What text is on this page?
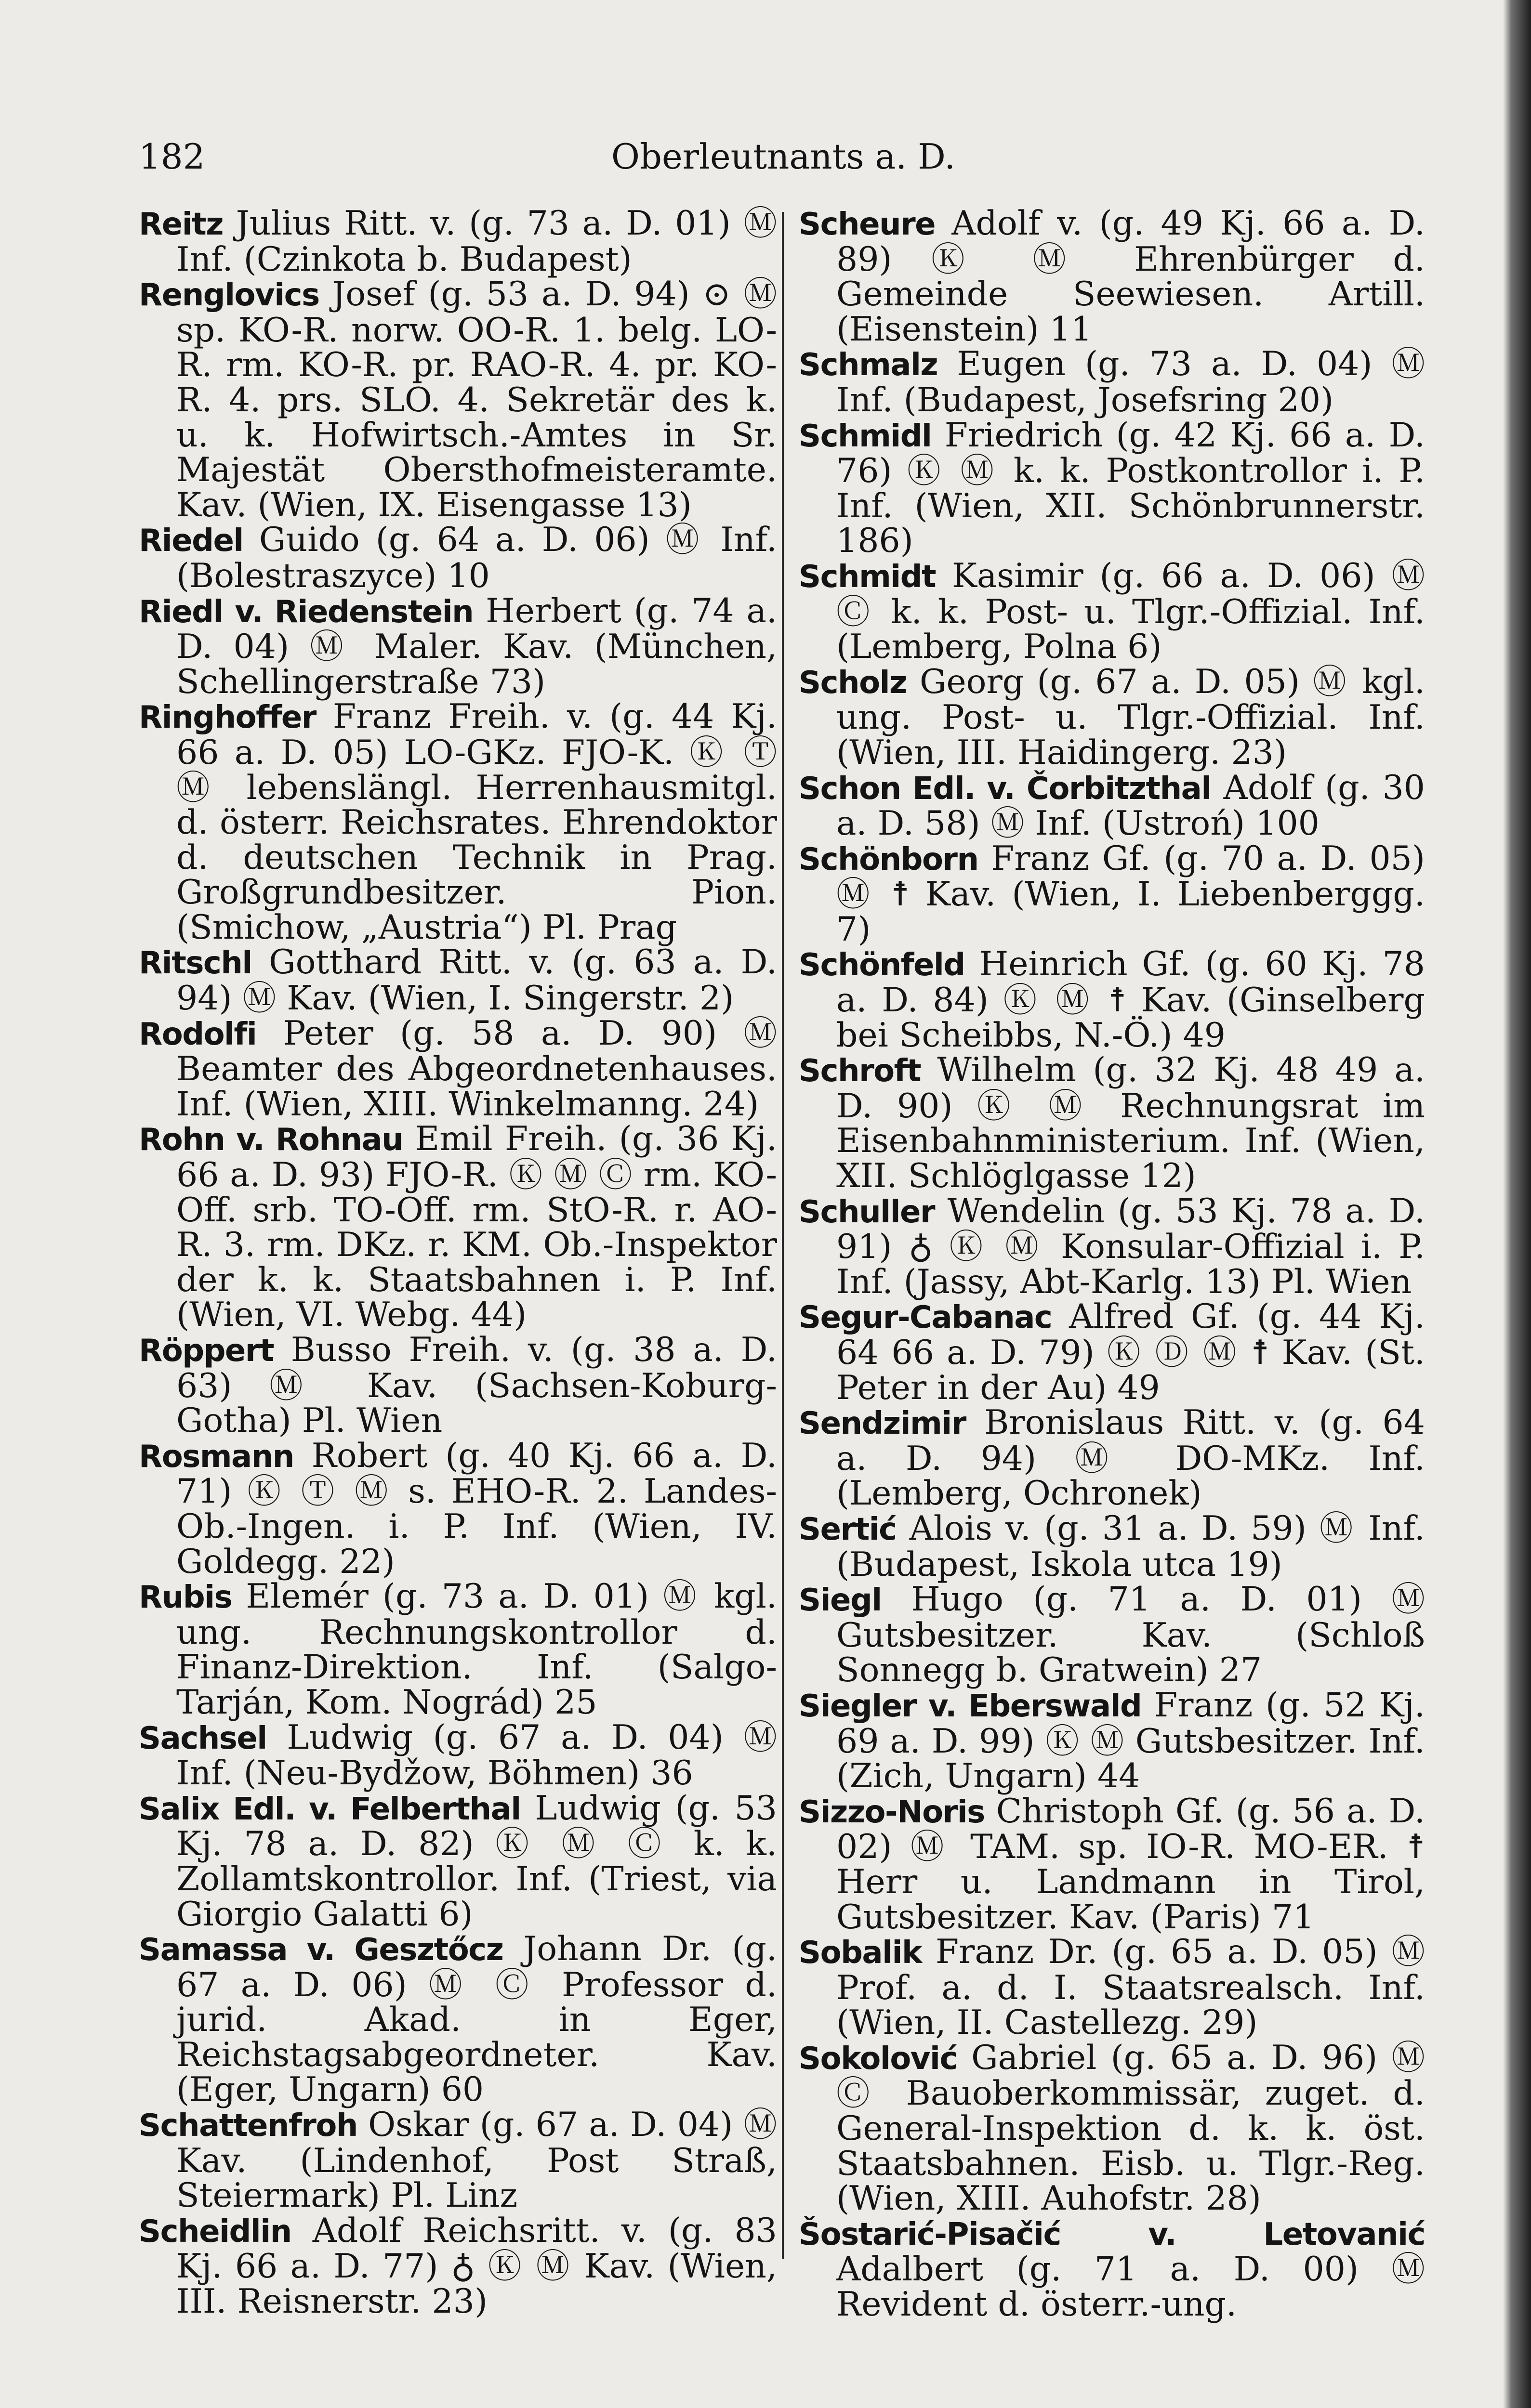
182	Oberleutnants a. D.

Reitz Julius Ritt. v. (g. 73 a. D. 01) Ⓜ Inf. (Czinkota b. Budapest)

Renglovics Josef (g. 53 a. D. 94) ⊙ Ⓜ sp. KO-R. norw. OO-R. 1. belg. LO-R. rm. KO-R. pr. RAO-R. 4. pr. KO-R. 4. prs. SLO. 4. Sekretär des k. u. k. Hofwirtsch.-Amtes in Sr. Majestät Obersthofmeisteramte. Kav. (Wien, IX. Eisengasse 13)

Riedel Guido (g. 64 a. D. 06) Ⓜ Inf. (Bolestraszyce) 10

Riedl v. Riedenstein Herbert (g. 74 a. D. 04) Ⓜ Maler. Kav. (München, Schellingerstraße 73)

Ringhoffer Franz Freih. v. (g. 44 Kj. 66 a. D. 05) LO-GKz. FJO-K. Ⓚ Ⓣ Ⓜ lebenslängl. Herrenhausmitgl. d. österr. Reichsrates. Ehrendoktor d. deutschen Technik in Prag. Großgrundbesitzer. Pion. (Smichow, „Austria“) Pl. Prag

Ritschl Gotthard Ritt. v. (g. 63 a. D. 94) Ⓜ Kav. (Wien, I. Singerstr. 2)

Rodolfi Peter (g. 58 a. D. 90) Ⓜ Beamter des Abgeordnetenhauses. Inf. (Wien, XIII. Winkelmanng. 24)

Rohn v. Rohnau Emil Freih. (g. 36 Kj. 66 a. D. 93) FJO-R. Ⓚ Ⓜ Ⓒ rm. KO-Off. srb. TO-Off. rm. StO-R. r. AO-R. 3. rm. DKz. r. KM. Ob.-Inspektor der k. k. Staatsbahnen i. P. Inf. (Wien, VI. Webg. 44)

Röppert Busso Freih. v. (g. 38 a. D. 63) Ⓜ Kav. (Sachsen-Koburg-Gotha) Pl. Wien

Rosmann Robert (g. 40 Kj. 66 a. D. 71) Ⓚ Ⓣ Ⓜ s. EHO-R. 2. Landes-Ob.-Ingen. i. P. Inf. (Wien, IV. Goldegg. 22)

Rubis Elemér (g. 73 a. D. 01) Ⓜ kgl. ung. Rechnungskontrollor d. Finanz-Direktion. Inf. (Salgo-Tarján, Kom. Nográd) 25

Sachsel Ludwig (g. 67 a. D. 04) Ⓜ Inf. (Neu-Bydžow, Böhmen) 36

Salix Edl. v. Felberthal Ludwig (g. 53 Kj. 78 a. D. 82) Ⓚ Ⓜ Ⓒ k. k. Zollamtskontrollor. Inf. (Triest, via Giorgio Galatti 6)

Samassa v. Gesztőcz Johann Dr. (g. 67 a. D. 06) Ⓜ Ⓒ Professor d. jurid. Akad. in Eger, Reichstagsabgeordneter. Kav. (Eger, Ungarn) 60

Schattenfroh Oskar (g. 67 a. D. 04) Ⓜ Kav. (Lindenhof, Post Straß, Steiermark) Pl. Linz

Scheidlin Adolf Reichsritt. v. (g. 83 Kj. 66 a. D. 77) ♁ Ⓚ Ⓜ Kav. (Wien, III. Reisnerstr. 23)

Scheure Adolf v. (g. 49 Kj. 66 a. D. 89) Ⓚ Ⓜ Ehrenbürger d. Gemeinde Seewiesen. Artill. (Eisenstein) 11

Schmalz Eugen (g. 73 a. D. 04) Ⓜ Inf. (Budapest, Josefsring 20)

Schmidl Friedrich (g. 42 Kj. 66 a. D. 76) Ⓚ Ⓜ k. k. Postkontrollor i. P. Inf. (Wien, XII. Schönbrunnerstr. 186)

Schmidt Kasimir (g. 66 a. D. 06) Ⓜ Ⓒ k. k. Post- u. Tlgr.-Offizial. Inf. (Lemberg, Polna 6)

Scholz Georg (g. 67 a. D. 05) Ⓜ kgl. ung. Post- u. Tlgr.-Offizial. Inf. (Wien, III. Haidingerg. 23)

Schon Edl. v. Čorbitzthal Adolf (g. 30 a. D. 58) Ⓜ Inf. (Ustroń) 100

Schönborn Franz Gf. (g. 70 a. D. 05) Ⓜ ☨ Kav. (Wien, I. Liebenberggg. 7)

Schönfeld Heinrich Gf. (g. 60 Kj. 78 a. D. 84) Ⓚ Ⓜ ☨ Kav. (Ginselberg bei Scheibbs, N.-Ö.) 49

Schroft Wilhelm (g. 32 Kj. 48 49 a. D. 90) Ⓚ Ⓜ Rechnungsrat im Eisenbahnministerium. Inf. (Wien, XII. Schlöglgasse 12)

Schuller Wendelin (g. 53 Kj. 78 a. D. 91) ♁ Ⓚ Ⓜ Konsular-Offizial i. P. Inf. (Jassy, Abt-Karlg. 13) Pl. Wien

Segur-Cabanac Alfred Gf. (g. 44 Kj. 64 66 a. D. 79) Ⓚ Ⓓ Ⓜ ☨ Kav. (St. Peter in der Au) 49

Sendzimir Bronislaus Ritt. v. (g. 64 a. D. 94) Ⓜ DO-MKz. Inf. (Lemberg, Ochronek)

Sertić Alois v. (g. 31 a. D. 59) Ⓜ Inf. (Budapest, Iskola utca 19)

Siegl Hugo (g. 71 a. D. 01) Ⓜ Gutsbesitzer. Kav. (Schloß Sonnegg b. Gratwein) 27

Siegler v. Eberswald Franz (g. 52 Kj. 69 a. D. 99) Ⓚ Ⓜ Gutsbesitzer. Inf. (Zich, Ungarn) 44

Sizzo-Noris Christoph Gf. (g. 56 a. D. 02) Ⓜ TAM. sp. IO-R. MO-ER. ☨ Herr u. Landmann in Tirol, Gutsbesitzer. Kav. (Paris) 71

Sobalik Franz Dr. (g. 65 a. D. 05) Ⓜ Prof. a. d. I. Staatsrealsch. Inf. (Wien, II. Castellezg. 29)

Sokolović Gabriel (g. 65 a. D. 96) Ⓜ Ⓒ Bauoberkommissär, zuget. d. General-Inspektion d. k. k. öst. Staatsbahnen. Eisb. u. Tlgr.-Reg. (Wien, XIII. Auhofstr. 28)

Šostarić-Pisačić v. Letovanić Adalbert (g. 71 a. D. 00) Ⓜ Revident d. österr.-ung.
